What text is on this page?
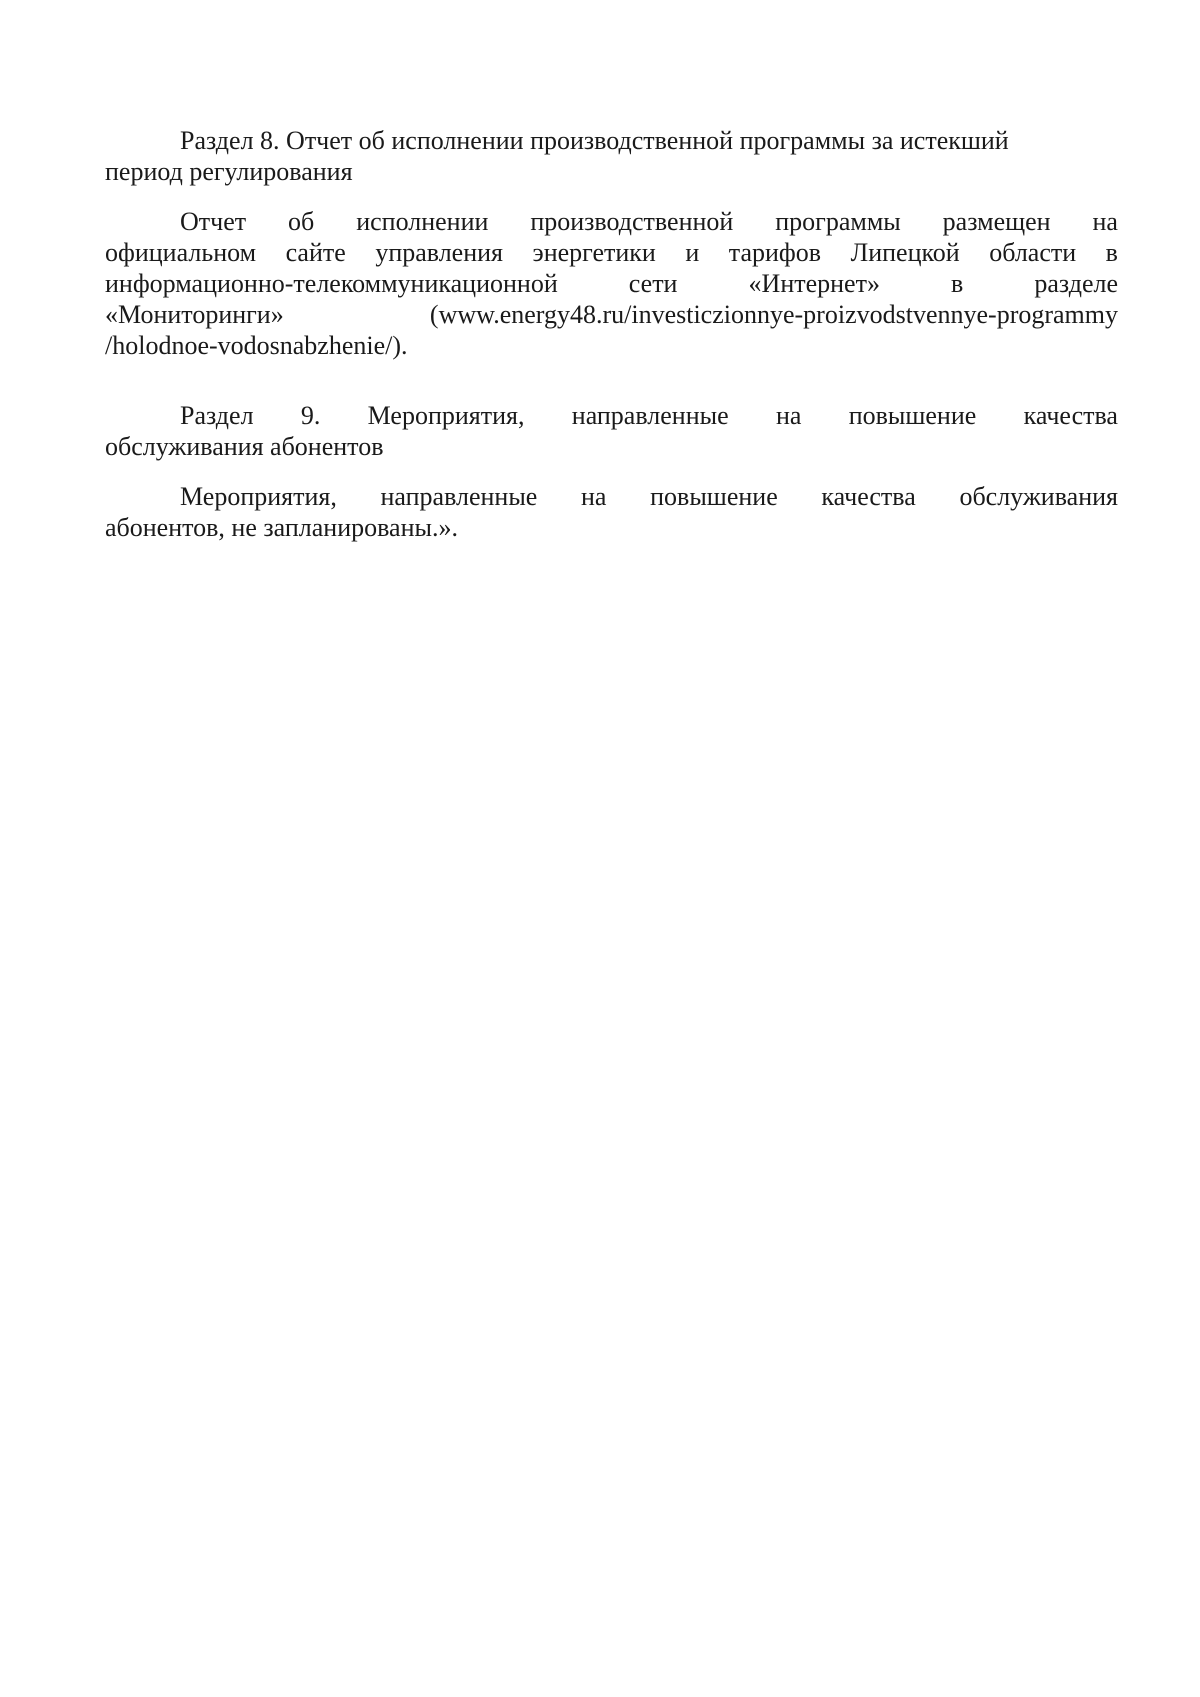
Раздел 8. Отчет об исполнении производственной программы за истекший
период регулирования
Отчет об исполнении производственной программы размещен на
официальном сайте управления энергетики и тарифов Липецкой области в
информационно-телекоммуникационной	сети	«Интернет»	в	разделе
«Мониторинги»	(www.energy48.ru/investiczionnye-proizvodstvennye-programmy
/holodnoe-vodosnabzhenie/).
Раздел 9. Мероприятия, направленные на повышение качества
обслуживания абонентов
Мероприятия, направленные на повышение качества обслуживания
абонентов, не запланированы.».
